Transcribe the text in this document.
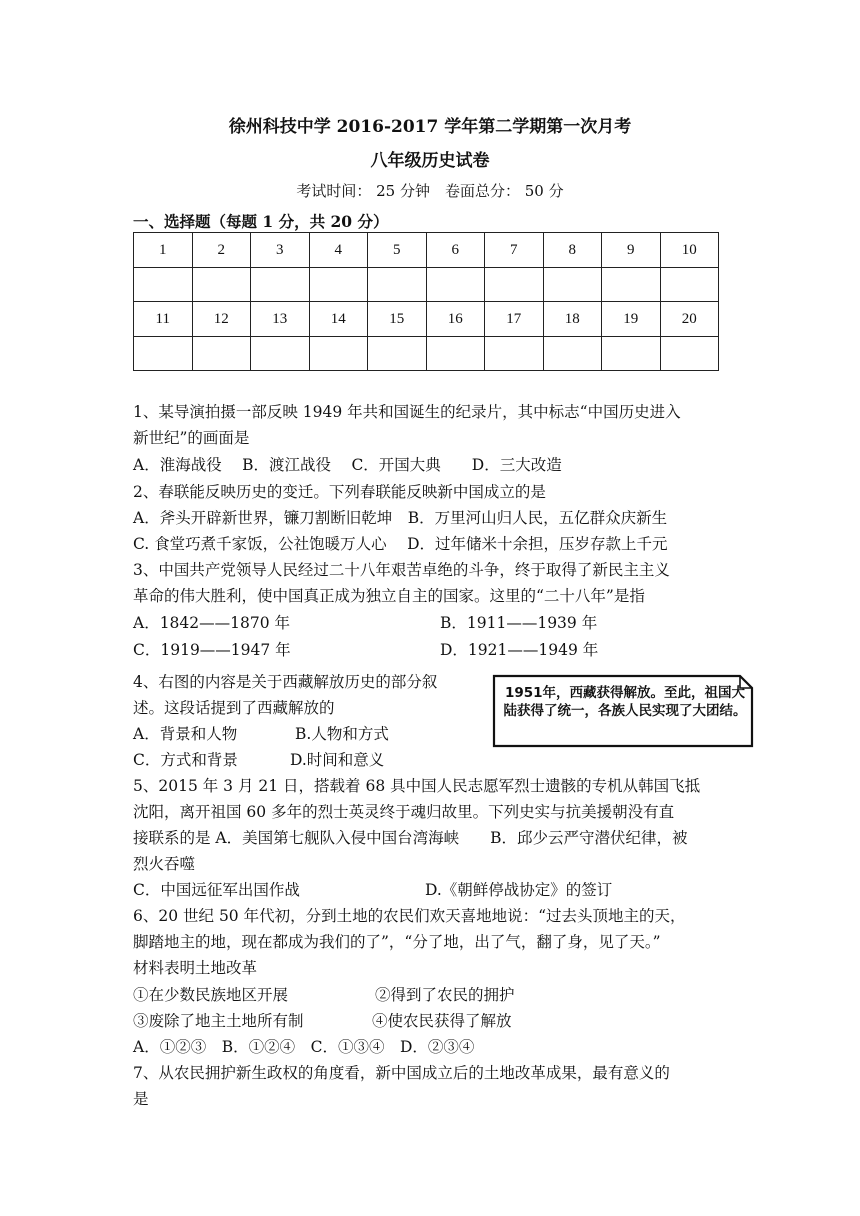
徐州科技中学 2016-2017 学年第二学期第一次月考
八年级历史试卷
考试时间： 25 分钟　卷面总分： 50 分
一、选择题（每题 1 分，共 20 分）
1	2	3	4	5	6	7	8	9	10

11	12	13	14	15	16	17	18	19	20

1、某导演拍摄一部反映 1949 年共和国诞生的纪录片，其中标志“中国历史进入
新世纪”的画面是
A．淮海战役　 B．渡江战役　 C．开国大典　　D．三大改造
2、春联能反映历史的变迁。下列春联能反映新中国成立的是
A．斧头开辟新世界，镰刀割断旧乾坤　B．万里河山归人民，五亿群众庆新生
C. 食堂巧煮千家饭，公社饱暖万人心　 D．过年储米十余担，压岁存款上千元
3、中国共产党领导人民经过二十八年艰苦卓绝的斗争，终于取得了新民主主义
革命的伟大胜利，使中国真正成为独立自主的国家。这里的“二十八年”是指
A．1842——1870 年	B．1911——1939 年
C．1919——1947 年	D．1921——1949 年
4、右图的内容是关于西藏解放历史的部分叙
述。这段话提到了西藏解放的
A．背景和人物	B.人物和方式
C．方式和背景	D.时间和意义
1951年，西藏获得解放。至此，祖国大陆获得了统一，各族人民实现了大团结。
5、2015 年 3 月 21 日，搭载着 68 具中国人民志愿军烈士遗骸的专机从韩国飞抵
沈阳，离开祖国 60 多年的烈士英灵终于魂归故里。下列史实与抗美援朝没有直
接联系的是 A．美国第七舰队入侵中国台湾海峡　　B．邱少云严守潜伏纪律，被
烈火吞噬
C．中国远征军出国作战	D.《朝鲜停战协定》的签订
6、20 世纪 50 年代初，分到土地的农民们欢天喜地地说：“过去头顶地主的天，
脚踏地主的地，现在都成为我们的了”，“分了地，出了气，翻了身，见了天。”
材料表明土地改革
①在少数民族地区开展	②得到了农民的拥护
③废除了地主土地所有制	④使农民获得了解放
A．①②③　B．①②④　C．①③④　D．②③④
7、从农民拥护新生政权的角度看，新中国成立后的土地改革成果，最有意义的
是
